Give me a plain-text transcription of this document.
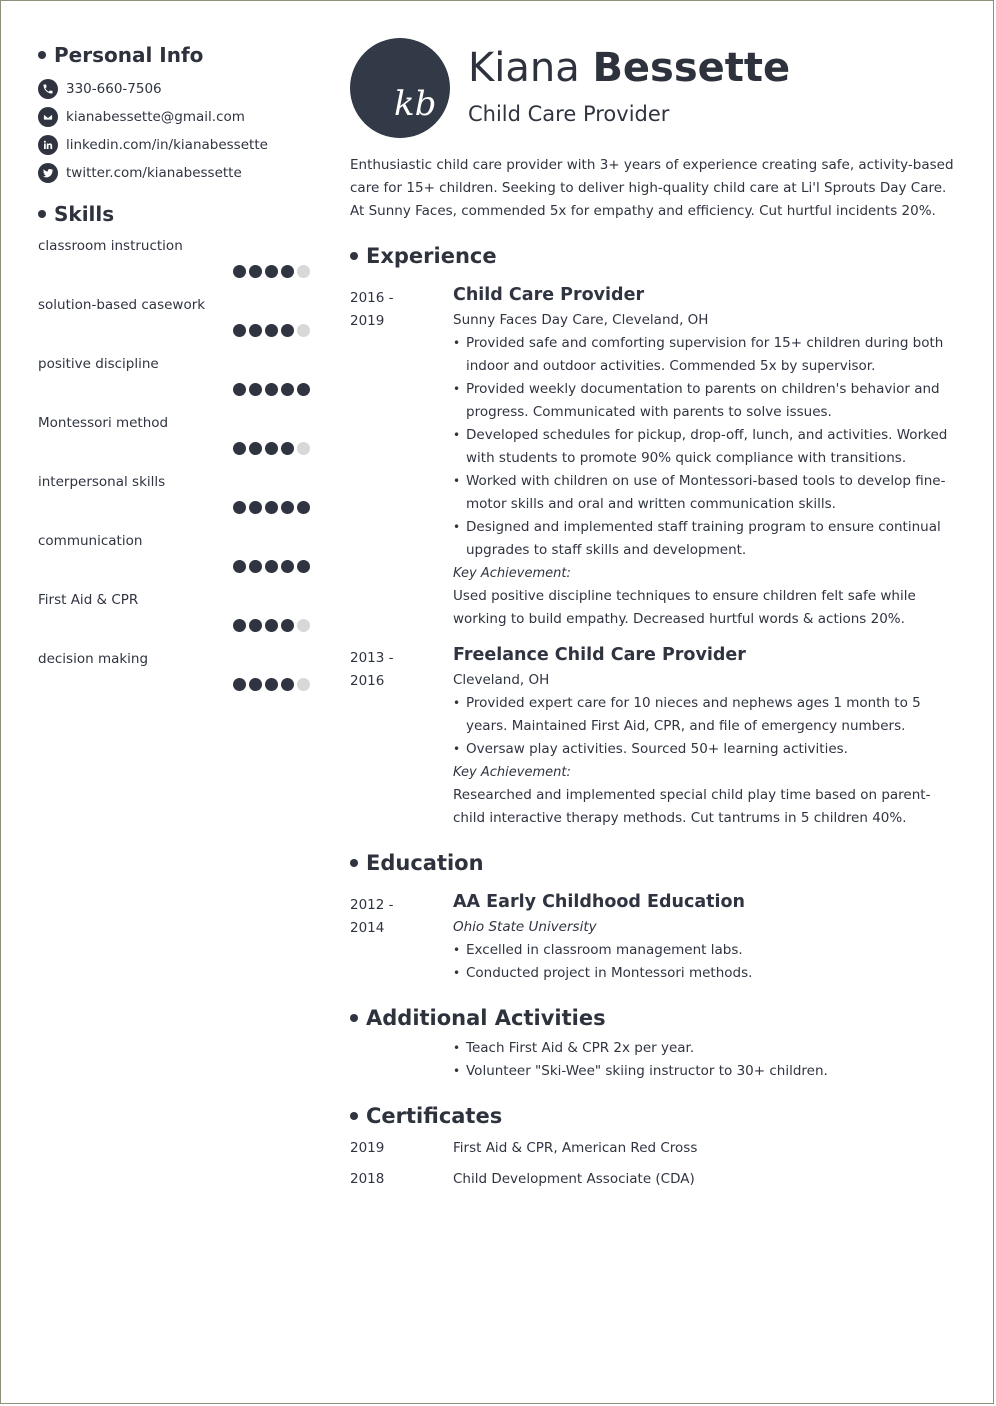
Personal Info
330-660-7506
kianabessette@gmail.com
linkedin.com/in/kianabessette
twitter.com/kianabessette
Skills
classroom instruction
solution-based casework
positive discipline
Montessori method
interpersonal skills
communication
First Aid & CPR
decision making
kb
Kiana Bessette
Child Care Provider
Enthusiastic child care provider with 3+ years of experience creating safe, activity-based care for 15+ children. Seeking to deliver high-quality child care at Li'l Sprouts Day Care. At Sunny Faces, commended 5x for empathy and efficiency. Cut hurtful incidents 20%.
Experience
2016 -
2019
Child Care Provider
Sunny Faces Day Care, Cleveland, OH
• Provided safe and comforting supervision for 15+ children during both indoor and outdoor activities. Commended 5x by supervisor.
• Provided weekly documentation to parents on children's behavior and progress. Communicated with parents to solve issues.
• Developed schedules for pickup, drop-off, lunch, and activities. Worked with students to promote 90% quick compliance with transitions.
• Worked with children on use of Montessori-based tools to develop fine-motor skills and oral and written communication skills.
• Designed and implemented staff training program to ensure continual upgrades to staff skills and development.
Key Achievement:
Used positive discipline techniques to ensure children felt safe while working to build empathy. Decreased hurtful words & actions 20%.
2013 -
2016
Freelance Child Care Provider
Cleveland, OH
• Provided expert care for 10 nieces and nephews ages 1 month to 5 years. Maintained First Aid, CPR, and file of emergency numbers.
• Oversaw play activities. Sourced 50+ learning activities.
Key Achievement:
Researched and implemented special child play time based on parent-child interactive therapy methods. Cut tantrums in 5 children 40%.
Education
2012 -
2014
AA Early Childhood Education
Ohio State University
• Excelled in classroom management labs.
• Conducted project in Montessori methods.
Additional Activities
• Teach First Aid & CPR 2x per year.
• Volunteer "Ski-Wee" skiing instructor to 30+ children.
Certificates
2019	First Aid & CPR, American Red Cross
2018	Child Development Associate (CDA)
